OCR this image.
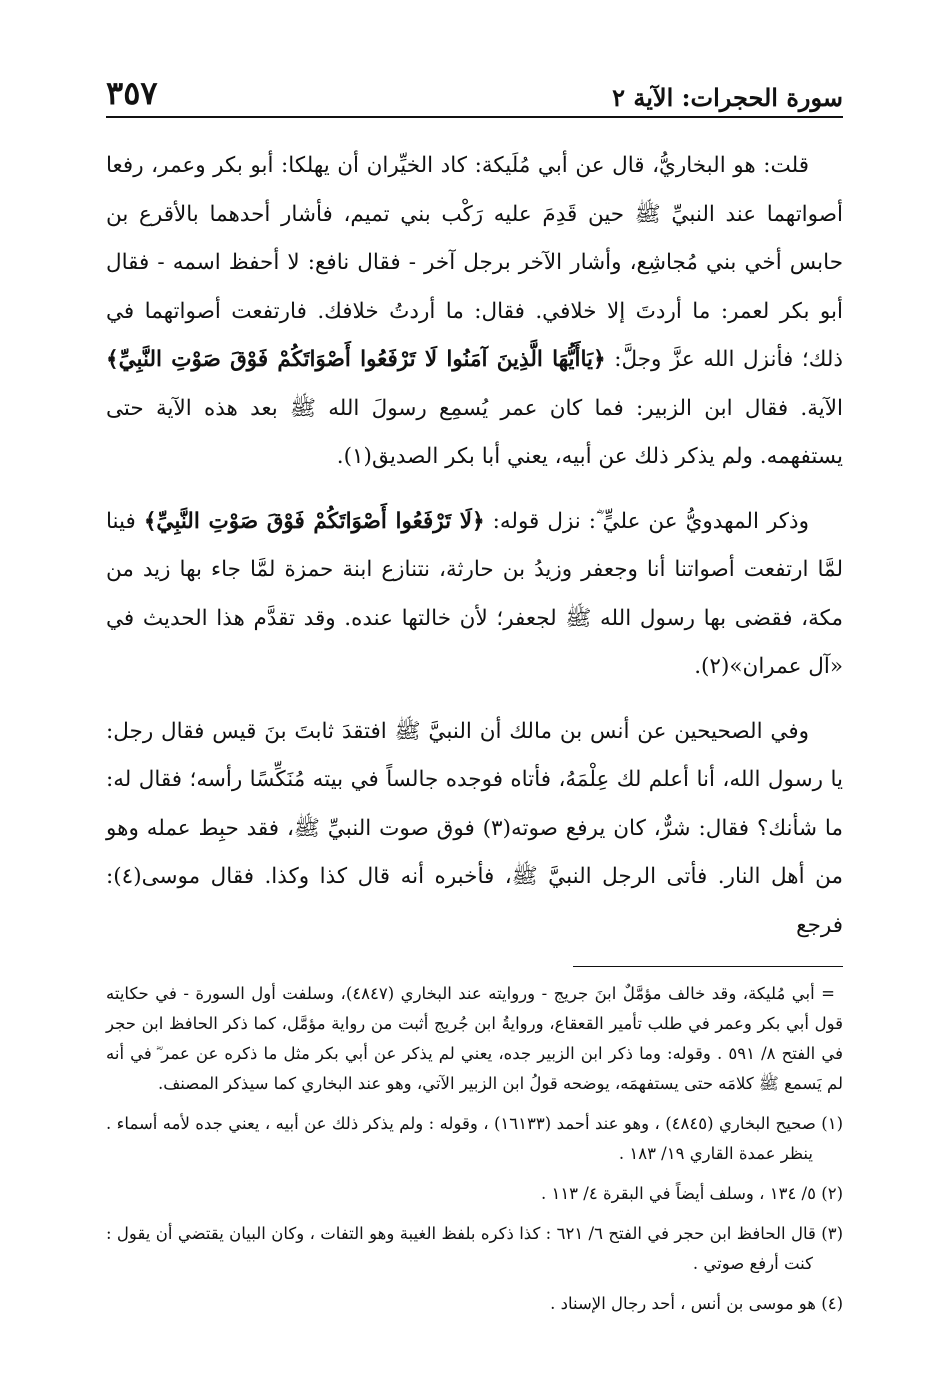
سورة الحجرات: الآية ٢
٣٥٧

قلت: هو البخاريُّ، قال عن أبي مُلَيكة: كاد الخيِّران أن يهلكا: أبو بكر وعمر، رفعا أصواتهما عند النبيِّ ﷺ حين قَدِمَ عليه رَكْب بني تميم، فأشار أحدهما بالأقرع بن حابس أخي بني مُجاشِع، وأشار الآخر برجل آخر - فقال نافع: لا أحفظ اسمه - فقال أبو بكر لعمر: ما أردتَ إلا خلافي. فقال: ما أردتُ خلافك. فارتفعت أصواتهما في ذلك؛ فأنزل الله عزَّ وجلَّ: ﴿يَاأَيُّهَا الَّذِينَ آمَنُوا لَا تَرْفَعُوا أَصْوَاتَكُمْ فَوْقَ صَوْتِ النَّبِيِّ﴾ الآية. فقال ابن الزبير: فما كان عمر يُسمِع رسولَ الله ﷺ بعد هذه الآية حتى يستفهمه. ولم يذكر ذلك عن أبيه، يعني أبا بكر الصديق(١).

وذكر المهدويُّ عن عليٍّ ؓ: نزل قوله: ﴿لَا تَرْفَعُوا أَصْوَاتَكُمْ فَوْقَ صَوْتِ النَّبِيِّ﴾ فينا لمَّا ارتفعت أصواتنا أنا وجعفر وزيدُ بن حارثة، نتنازع ابنة حمزة لمَّا جاء بها زيد من مكة، فقضى بها رسول الله ﷺ لجعفر؛ لأن خالتها عنده. وقد تقدَّم هذا الحديث في «آل عمران»(٢).

وفي الصحيحين عن أنس بن مالك أن النبيَّ ﷺ افتقدَ ثابتَ بنَ قيس فقال رجل: يا رسول الله، أنا أعلم لك عِلْمَهُ، فأتاه فوجده جالساً في بيته مُنَكِّسًا رأسه؛ فقال له: ما شأنك؟ فقال: شرٌّ، كان يرفع صوته(٣) فوق صوت النبيِّ ﷺ، فقد حبِط عمله وهو من أهل النار. فأتى الرجل النبيَّ ﷺ، فأخبره أنه قال كذا وكذا. فقال موسى(٤): فرجع

= أبي مُليكة، وقد خالف مؤمَّلٌ ابنَ جريج - وروايته عند البخاري (٤٨٤٧)، وسلفت أول السورة - في حكايته قول أبي بكر وعمر في طلب تأمير القعقاع، وروايةُ ابن جُريج أثبت من رواية مؤمَّل، كما ذكر الحافظ ابن حجر في الفتح ٨/ ٥٩١ . وقوله: وما ذكر ابن الزبير جده، يعني لم يذكر عن أبي بكر مثل ما ذكره عن عمر ؓ في أنه لم يَسمع ﷺ كلامَه حتى يستفهمَه، يوضحه قولُ ابن الزبير الآتي، وهو عند البخاري كما سيذكر المصنف.

(١) صحيح البخاري (٤٨٤٥) ، وهو عند أحمد (١٦١٣٣) ، وقوله : ولم يذكر ذلك عن أبيه ، يعني جده لأمه أسماء . ينظر عمدة القاري ١٩/ ١٨٣ .

(٢) ٥/ ١٣٤ ، وسلف أيضاً في البقرة ٤/ ١١٣ .

(٣) قال الحافظ ابن حجر في الفتح ٦/ ٦٢١ : كذا ذكره بلفظ الغيبة وهو التفات ، وكان البيان يقتضي أن يقول : كنت أرفع صوتي .

(٤) هو موسى بن أنس ، أحد رجال الإسناد .
